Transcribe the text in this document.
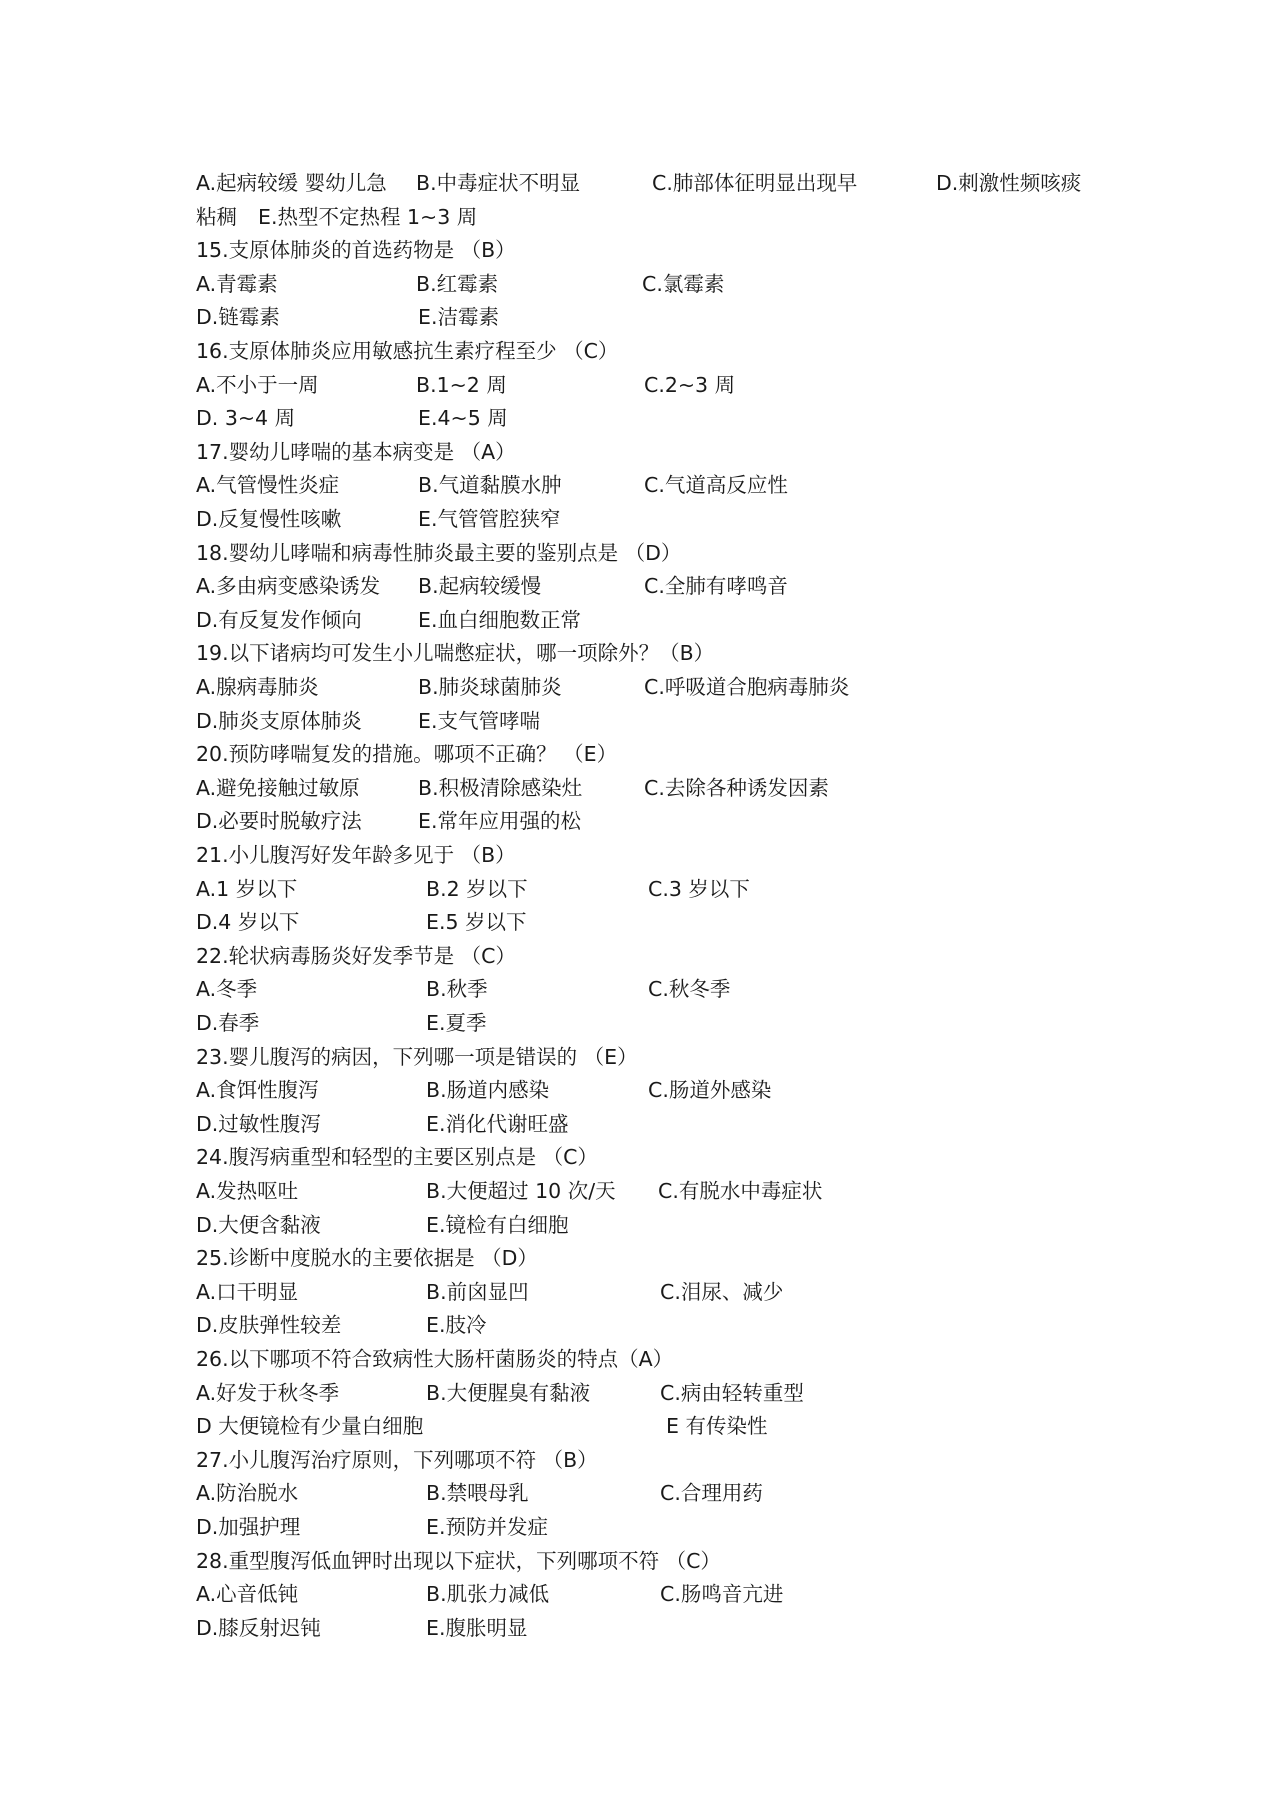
A.起病较缓 婴幼儿急 B.中毒症状不明显	C.肺部体征明显出现早	D.刺激性频咳痰
粘稠 E.热型不定热程 1~3 周
15.支原体肺炎的首选药物是 （B）
A.青霉素	B.红霉素	C.氯霉素
D.链霉素	E.洁霉素
16.支原体肺炎应用敏感抗生素疗程至少 （C）
A.不小于一周	B.1~2 周	C.2~3 周
D. 3~4 周	E.4~5 周
17.婴幼儿哮喘的基本病变是 （A）
A.气管慢性炎症	B.气道黏膜水肿	C.气道高反应性
D.反复慢性咳嗽	E.气管管腔狭窄
18.婴幼儿哮喘和病毒性肺炎最主要的鉴别点是 （D）
A.多由病变感染诱发 B.起病较缓慢	C.全肺有哮鸣音
D.有反复发作倾向	E.血白细胞数正常
19.以下诸病均可发生小儿喘憋症状，哪一项除外？（B）
A.腺病毒肺炎	B.肺炎球菌肺炎	C.呼吸道合胞病毒肺炎
D.肺炎支原体肺炎	E.支气管哮喘
20.预防哮喘复发的措施。哪项不正确？ （E）
A.避免接触过敏原	B.积极清除感染灶	C.去除各种诱发因素
D.必要时脱敏疗法	E.常年应用强的松
21.小儿腹泻好发年龄多见于 （B）
A.1 岁以下	B.2 岁以下	C.3 岁以下
D.4 岁以下	E.5 岁以下
22.轮状病毒肠炎好发季节是 （C）
A.冬季	B.秋季	C.秋冬季
D.春季	E.夏季
23.婴儿腹泻的病因，下列哪一项是错误的 （E）
A.食饵性腹泻	B.肠道内感染	C.肠道外感染
D.过敏性腹泻	E.消化代谢旺盛
24.腹泻病重型和轻型的主要区别点是 （C）
A.发热呕吐	B.大便超过 10 次/天 C.有脱水中毒症状
D.大便含黏液	E.镜检有白细胞
25.诊断中度脱水的主要依据是 （D）
A.口干明显	B.前囟显凹	C.泪尿、减少
D.皮肤弹性较差	E.肢冷
26.以下哪项不符合致病性大肠杆菌肠炎的特点（A）
A.好发于秋冬季	B.大便腥臭有黏液	C.病由轻转重型
D 大便镜检有少量白细胞	E 有传染性
27.小儿腹泻治疗原则，下列哪项不符 （B）
A.防治脱水	B.禁喂母乳	C.合理用药
D.加强护理	E.预防并发症
28.重型腹泻低血钾时出现以下症状，下列哪项不符 （C）
A.心音低钝	B.肌张力减低	C.肠鸣音亢进
D.膝反射迟钝	E.腹胀明显
